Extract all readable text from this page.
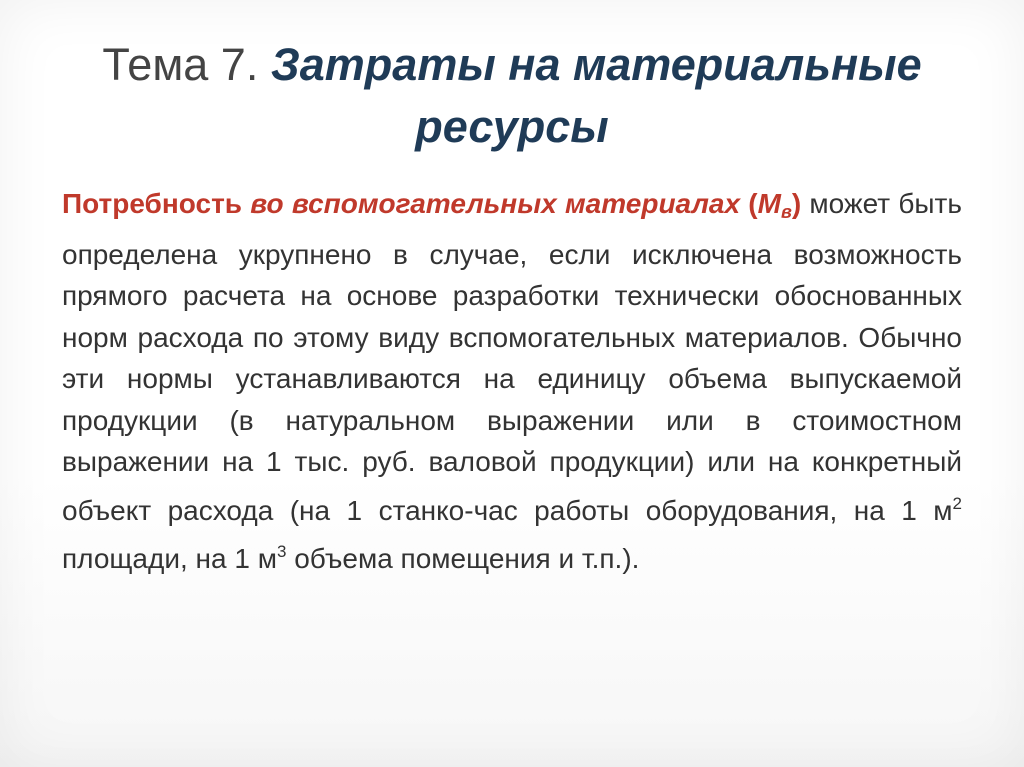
Тема 7. Затраты на материальные ресурсы
Потребность во вспомогательных материалах $(М_в)$ может быть определена укрупнено в случае, если исключена возможность прямого расчета на основе разработки технически обоснованных норм расхода по этому виду вспомогательных материалов. Обычно эти нормы устанавливаются на единицу объема выпускаемой продукции (в натуральном выражении или в стоимостном выражении на 1 тыс. руб. валовой продукции) или на конкретный объект расхода (на 1 станко-час работы оборудования, на 1 $м^2$ площади, на 1 $м^3$ объема помещения и т.п.).
